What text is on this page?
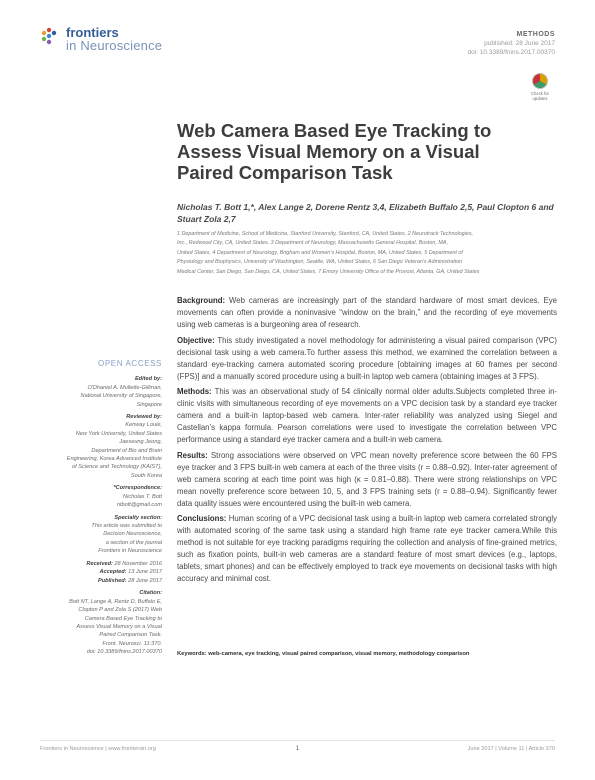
frontiers
in Neuroscience
METHODS
published: 28 June 2017
doi: 10.3389/fnins.2017.00370
Check for updates
Web Camera Based Eye Tracking to
Assess Visual Memory on a Visual
Paired Comparison Task
Nicholas T. Bott 1,*, Alex Lange 2, Dorene Rentz 3,4, Elizabeth Buffalo 2,5, Paul Clopton 6 and
Stuart Zola 2,7
1 Department of Medicine, School of Medicine, Stanford University, Stanford, CA, United States, 2 Neurotrack Technologies,
Inc., Redwood City, CA, United States, 3 Department of Neurology, Massachusetts General Hospital, Boston, MA,
United States, 4 Department of Neurology, Brigham and Women's Hospital, Boston, MA, United States, 5 Department of
Physiology and Biophysics, University of Washington, Seattle, WA, United States, 6 San Diego Veteran's Administration
Medical Center, San Diego, San Diego, CA, United States, 7 Emory University Office of the Provost, Atlanta, GA, United States

Background: Web cameras are increasingly part of the standard hardware of most smart devices. Eye movements can often provide a noninvasive “window on the brain,” and the recording of eye movements using web cameras is a burgeoning area of research.

Objective: This study investigated a novel methodology for administering a visual paired comparison (VPC) decisional task using a web camera.To further assess this method, we examined the correlation between a standard eye-tracking camera automated scoring procedure [obtaining images at 60 frames per second (FPS)] and a manually scored procedure using a built-in laptop web camera (obtaining images at 3 FPS).

Methods: This was an observational study of 54 clinically normal older adults.Subjects completed three in-clinic visits with simultaneous recording of eye movements on a VPC decision task by a standard eye tracker camera and a built-in laptop-based web camera. Inter-rater reliability was analyzed using Siegel and Castellan’s kappa formula. Pearson correlations were used to investigate the correlation between VPC performance using a standard eye tracker camera and a built-in web camera.

Results: Strong associations were observed on VPC mean novelty preference score between the 60 FPS eye tracker and 3 FPS built-in web camera at each of the three visits (r = 0.88–0.92). Inter-rater agreement of web camera scoring at each time point was high (κ = 0.81–0.88). There were strong relationships on VPC mean novelty preference score between 10, 5, and 3 FPS training sets (r = 0.88–0.94). Significantly fewer data quality issues were encountered using the built-in web camera.

Conclusions: Human scoring of a VPC decisional task using a built-in laptop web camera correlated strongly with automated scoring of the same task using a standard high frame rate eye tracker camera.While this method is not suitable for eye tracking paradigms requiring the collection and analysis of fine-grained metrics, such as fixation points, built-in web cameras are a standard feature of most smart devices (e.g., laptops, tablets, smart phones) and can be effectively employed to track eye movements on decisional tasks with high accuracy and minimal cost.

Keywords: web-camera, eye tracking, visual paired comparison, visual memory, methodology comparison
OPEN ACCESS
Edited by:
O'Dhaniel A. Mullette-Gillman,
National University of Singapore,
Singapore
Reviewed by:
Kenway Louie,
New York University, United States
Jaeseung Jeong,
Department of Bio and Brain
Engineering, Korea Advanced Institute
of Science and Technology (KAIST),
South Korea
*Correspondence:
Nicholas T. Bott
ntbott@gmail.com
Specialty section:
This article was submitted to
Decision Neuroscience,
a section of the journal
Frontiers in Neuroscience
Received: 28 November 2016
Accepted: 13 June 2017
Published: 28 June 2017
Citation:
Bott NT, Lange A, Rentz D, Buffalo E,
Clopton P and Zola S (2017) Web
Camera Based Eye Tracking to
Assess Visual Memory on a Visual
Paired Comparison Task.
Front. Neurosci. 11:370.
doi: 10.3389/fnins.2017.00370
Frontiers in Neuroscience | www.frontiersin.org	1	June 2017 | Volume 11 | Article 370
